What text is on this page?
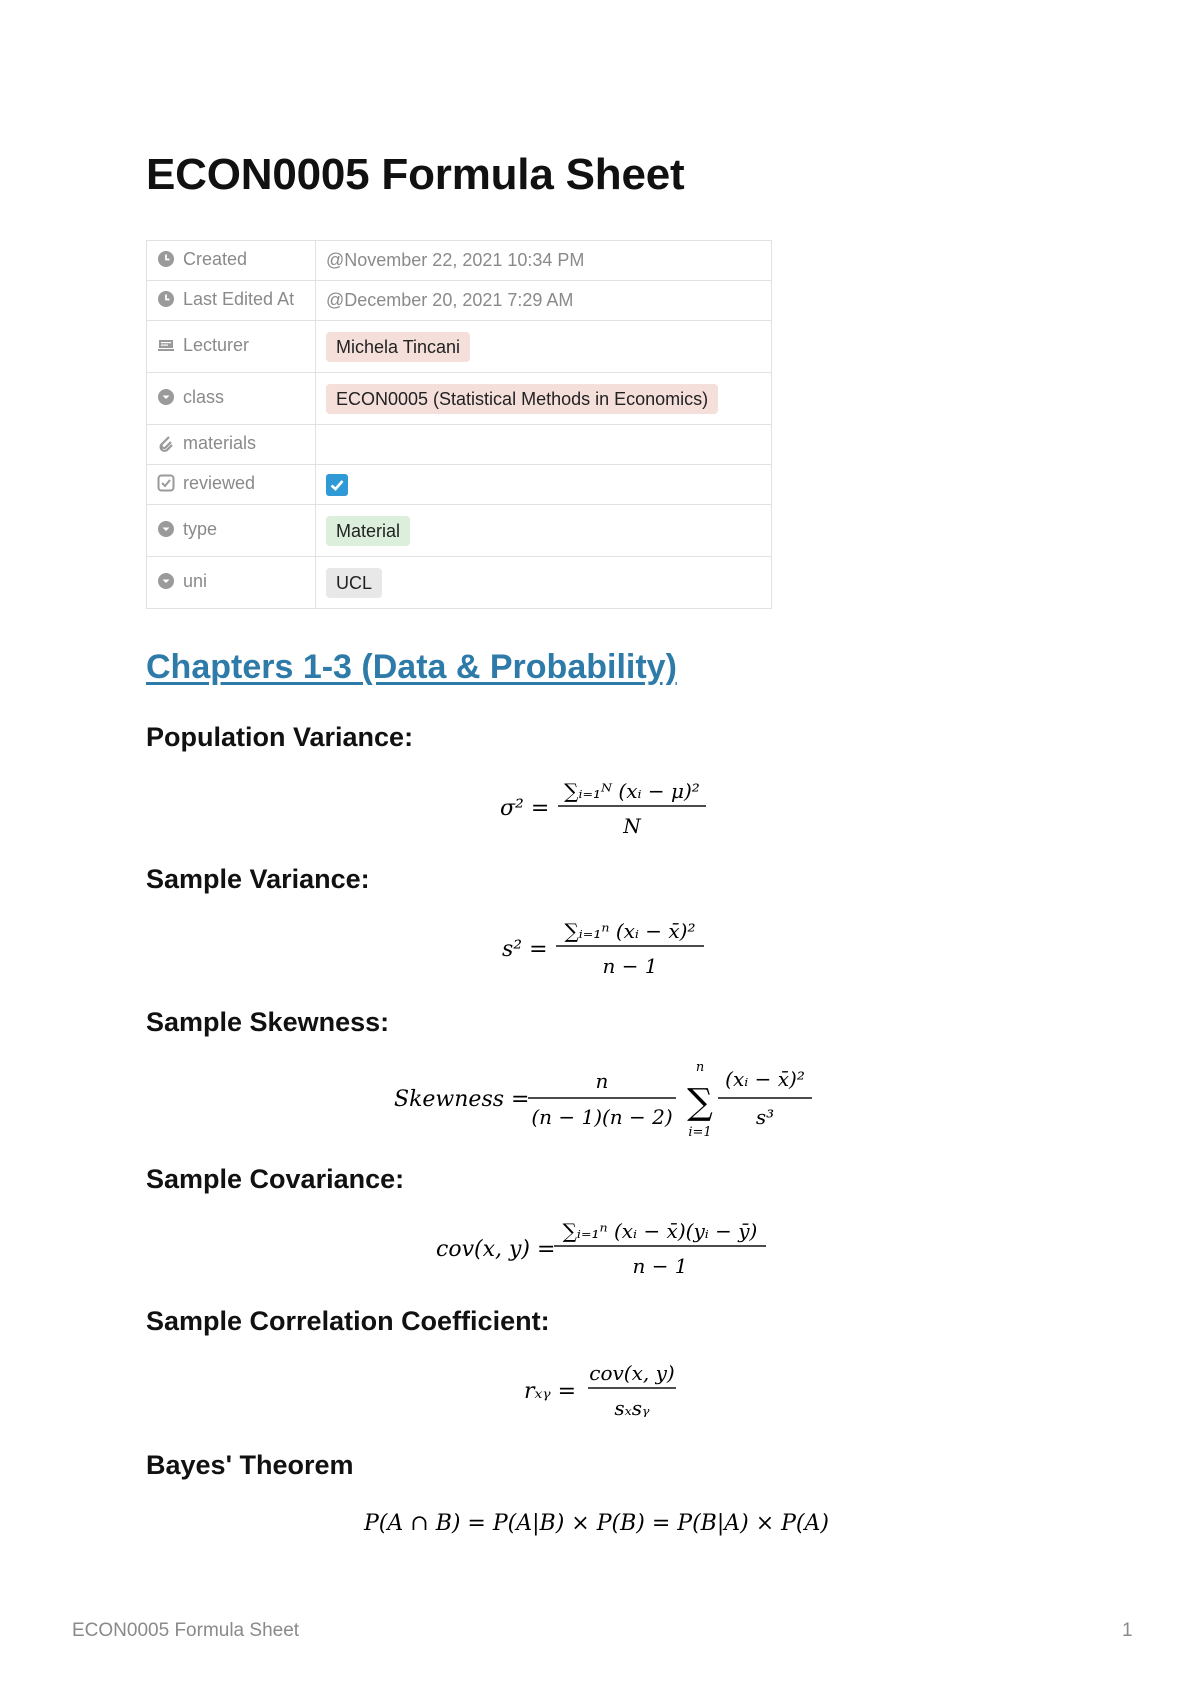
ECON0005 Formula Sheet
Created	@November 22, 2021 10:34 PM
Last Edited At	@December 20, 2021 7:29 AM
Lecturer	Michela Tincani
class	ECON0005 (Statistical Methods in Economics)
materials	
reviewed	

type	Material
uni	UCL
Chapters 1-3 (Data & Probability)
Population Variance:
σ² =
∑ᵢ₌₁ᴺ (xᵢ − μ)²
N
Sample Variance:
s² =
∑ᵢ₌₁ⁿ (xᵢ − x̄)²
n − 1
Sample Skewness:
Skewness =
n
(n − 1)(n − 2)
n
∑
i=1
(xᵢ − x̄)²
s³
Sample Covariance:
cov(x, y) =
∑ᵢ₌₁ⁿ (xᵢ − x̄)(yᵢ − ȳ)
n − 1
Sample Correlation Coefficient:
rₓᵧ =
cov(x, y)
sₓsᵧ
Bayes' Theorem
P(A ∩ B) = P(A|B) × P(B) = P(B|A) × P(A)
ECON0005 Formula Sheet	1
